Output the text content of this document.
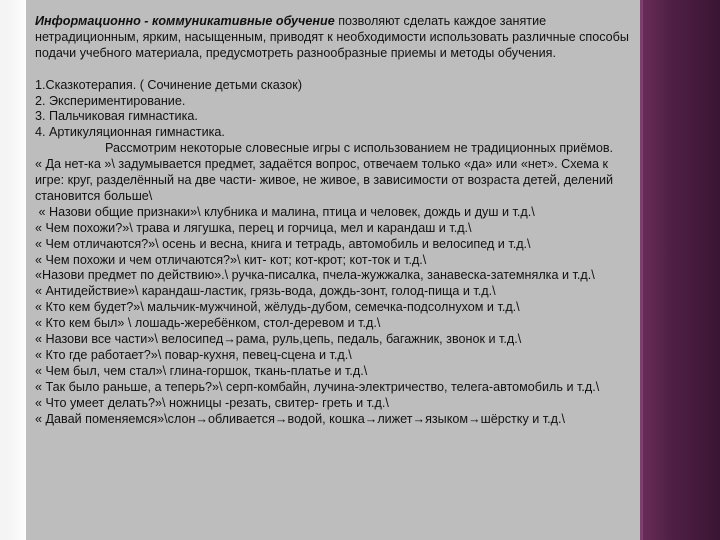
Информационно - коммуникативные обучение позволяют сделать каждое занятие нетрадиционным, ярким, насыщенным, приводят к необходимости использовать различные способы подачи учебного материала, предусмотреть разнообразные приемы и методы обучения.

1.Сказкотерапия. ( Сочинение детьми сказок)

2. Экспериментирование.

3. Пальчиковая гимнастика.

4. Артикуляционная гимнастика.

Рассмотрим некоторые словесные игры с использованием не традиционных приёмов.

« Да нет-ка »\ задумывается предмет, задаётся вопрос, отвечаем только «да» или «нет». Схема к игре: круг, разделённый на две части- живое, не живое, в зависимости от возраста детей, делений становится больше\

« Назови общие признаки»\ клубника и малина, птица и человек, дождь и душ и т.д.\

« Чем похожи?»\ трава и лягушка, перец и горчица, мел и карандаш и т.д.\

« Чем отличаются?»\ осень и весна, книга и тетрадь, автомобиль и велосипед и т.д.\

« Чем похожи и чем отличаются?»\ кит- кот; кот-крот; кот-ток и т.д.\

«Назови предмет по действию».\ ручка-писалка, пчела-жужжалка, занавеска-затемнялка и т.д.\

« Антидействие»\ карандаш-ластик, грязь-вода, дождь-зонт, голод-пища и т.д.\

« Кто кем будет?»\ мальчик-мужчиной, жёлудь-дубом, семечка-подсолнухом и т.д.\

« Кто кем был» \ лошадь-жеребёнком, стол-деревом и т.д.\

« Назови все части»\ велосипед→рама, руль,цепь, педаль, багажник, звонок и т.д.\

« Кто где работает?»\ повар-кухня, певец-сцена и т.д.\

« Чем был, чем стал»\ глина-горшок, ткань-платье и т.д.\

« Так было раньше, а теперь?»\ серп-комбайн, лучина-электричество, телега-автомобиль и т.д.\

« Что умеет делать?»\ ножницы -резать, свитер- греть и т.д.\

« Давай поменяемся»\слон→обливается→водой, кошка→лижет→языком→шёрстку и т.д.\
